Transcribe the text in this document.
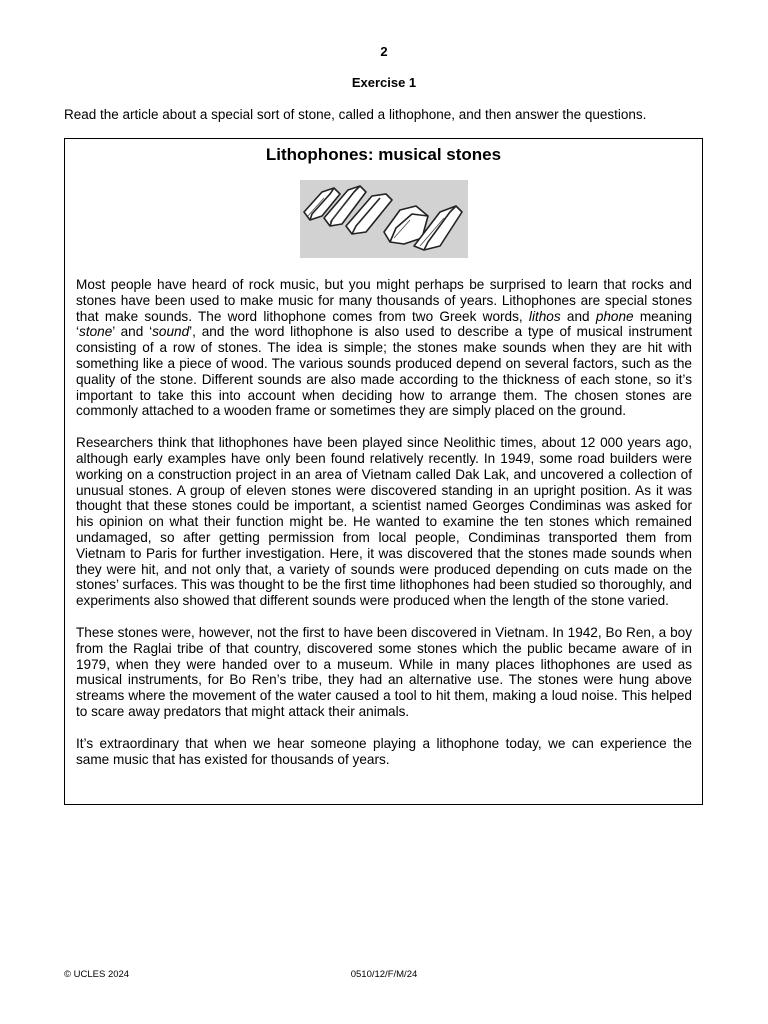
2
Exercise 1
Read the article about a special sort of stone, called a lithophone, and then answer the questions.
Lithophones: musical stones

Most people have heard of rock music, but you might perhaps be surprised to learn that rocks and stones have been used to make music for many thousands of years. Lithophones are special stones that make sounds. The word lithophone comes from two Greek words, lithos and phone meaning ‘stone’ and ‘sound’, and the word lithophone is also used to describe a type of musical instrument consisting of a row of stones. The idea is simple; the stones make sounds when they are hit with something like a piece of wood. The various sounds produced depend on several factors, such as the quality of the stone. Different sounds are also made according to the thickness of each stone, so it’s important to take this into account when deciding how to arrange them. The chosen stones are commonly attached to a wooden frame or sometimes they are simply placed on the ground.

Researchers think that lithophones have been played since Neolithic times, about 12 000 years ago, although early examples have only been found relatively recently. In 1949, some road builders were working on a construction project in an area of Vietnam called Dak Lak, and uncovered a collection of unusual stones. A group of eleven stones were discovered standing in an upright position. As it was thought that these stones could be important, a scientist named Georges Condiminas was asked for his opinion on what their function might be. He wanted to examine the ten stones which remained undamaged, so after getting permission from local people, Condiminas transported them from Vietnam to Paris for further investigation. Here, it was discovered that the stones made sounds when they were hit, and not only that, a variety of sounds were produced depending on cuts made on the stones’ surfaces. This was thought to be the first time lithophones had been studied so thoroughly, and experiments also showed that different sounds were produced when the length of the stone varied.

These stones were, however, not the first to have been discovered in Vietnam. In 1942, Bo Ren, a boy from the Raglai tribe of that country, discovered some stones which the public became aware of in 1979, when they were handed over to a museum. While in many places lithophones are used as musical instruments, for Bo Ren’s tribe, they had an alternative use. The stones were hung above streams where the movement of the water caused a tool to hit them, making a loud noise. This helped to scare away predators that might attack their animals.

It’s extraordinary that when we hear someone playing a lithophone today, we can experience the same music that has existed for thousands of years.

© UCLES 2024	0510/12/F/M/24
